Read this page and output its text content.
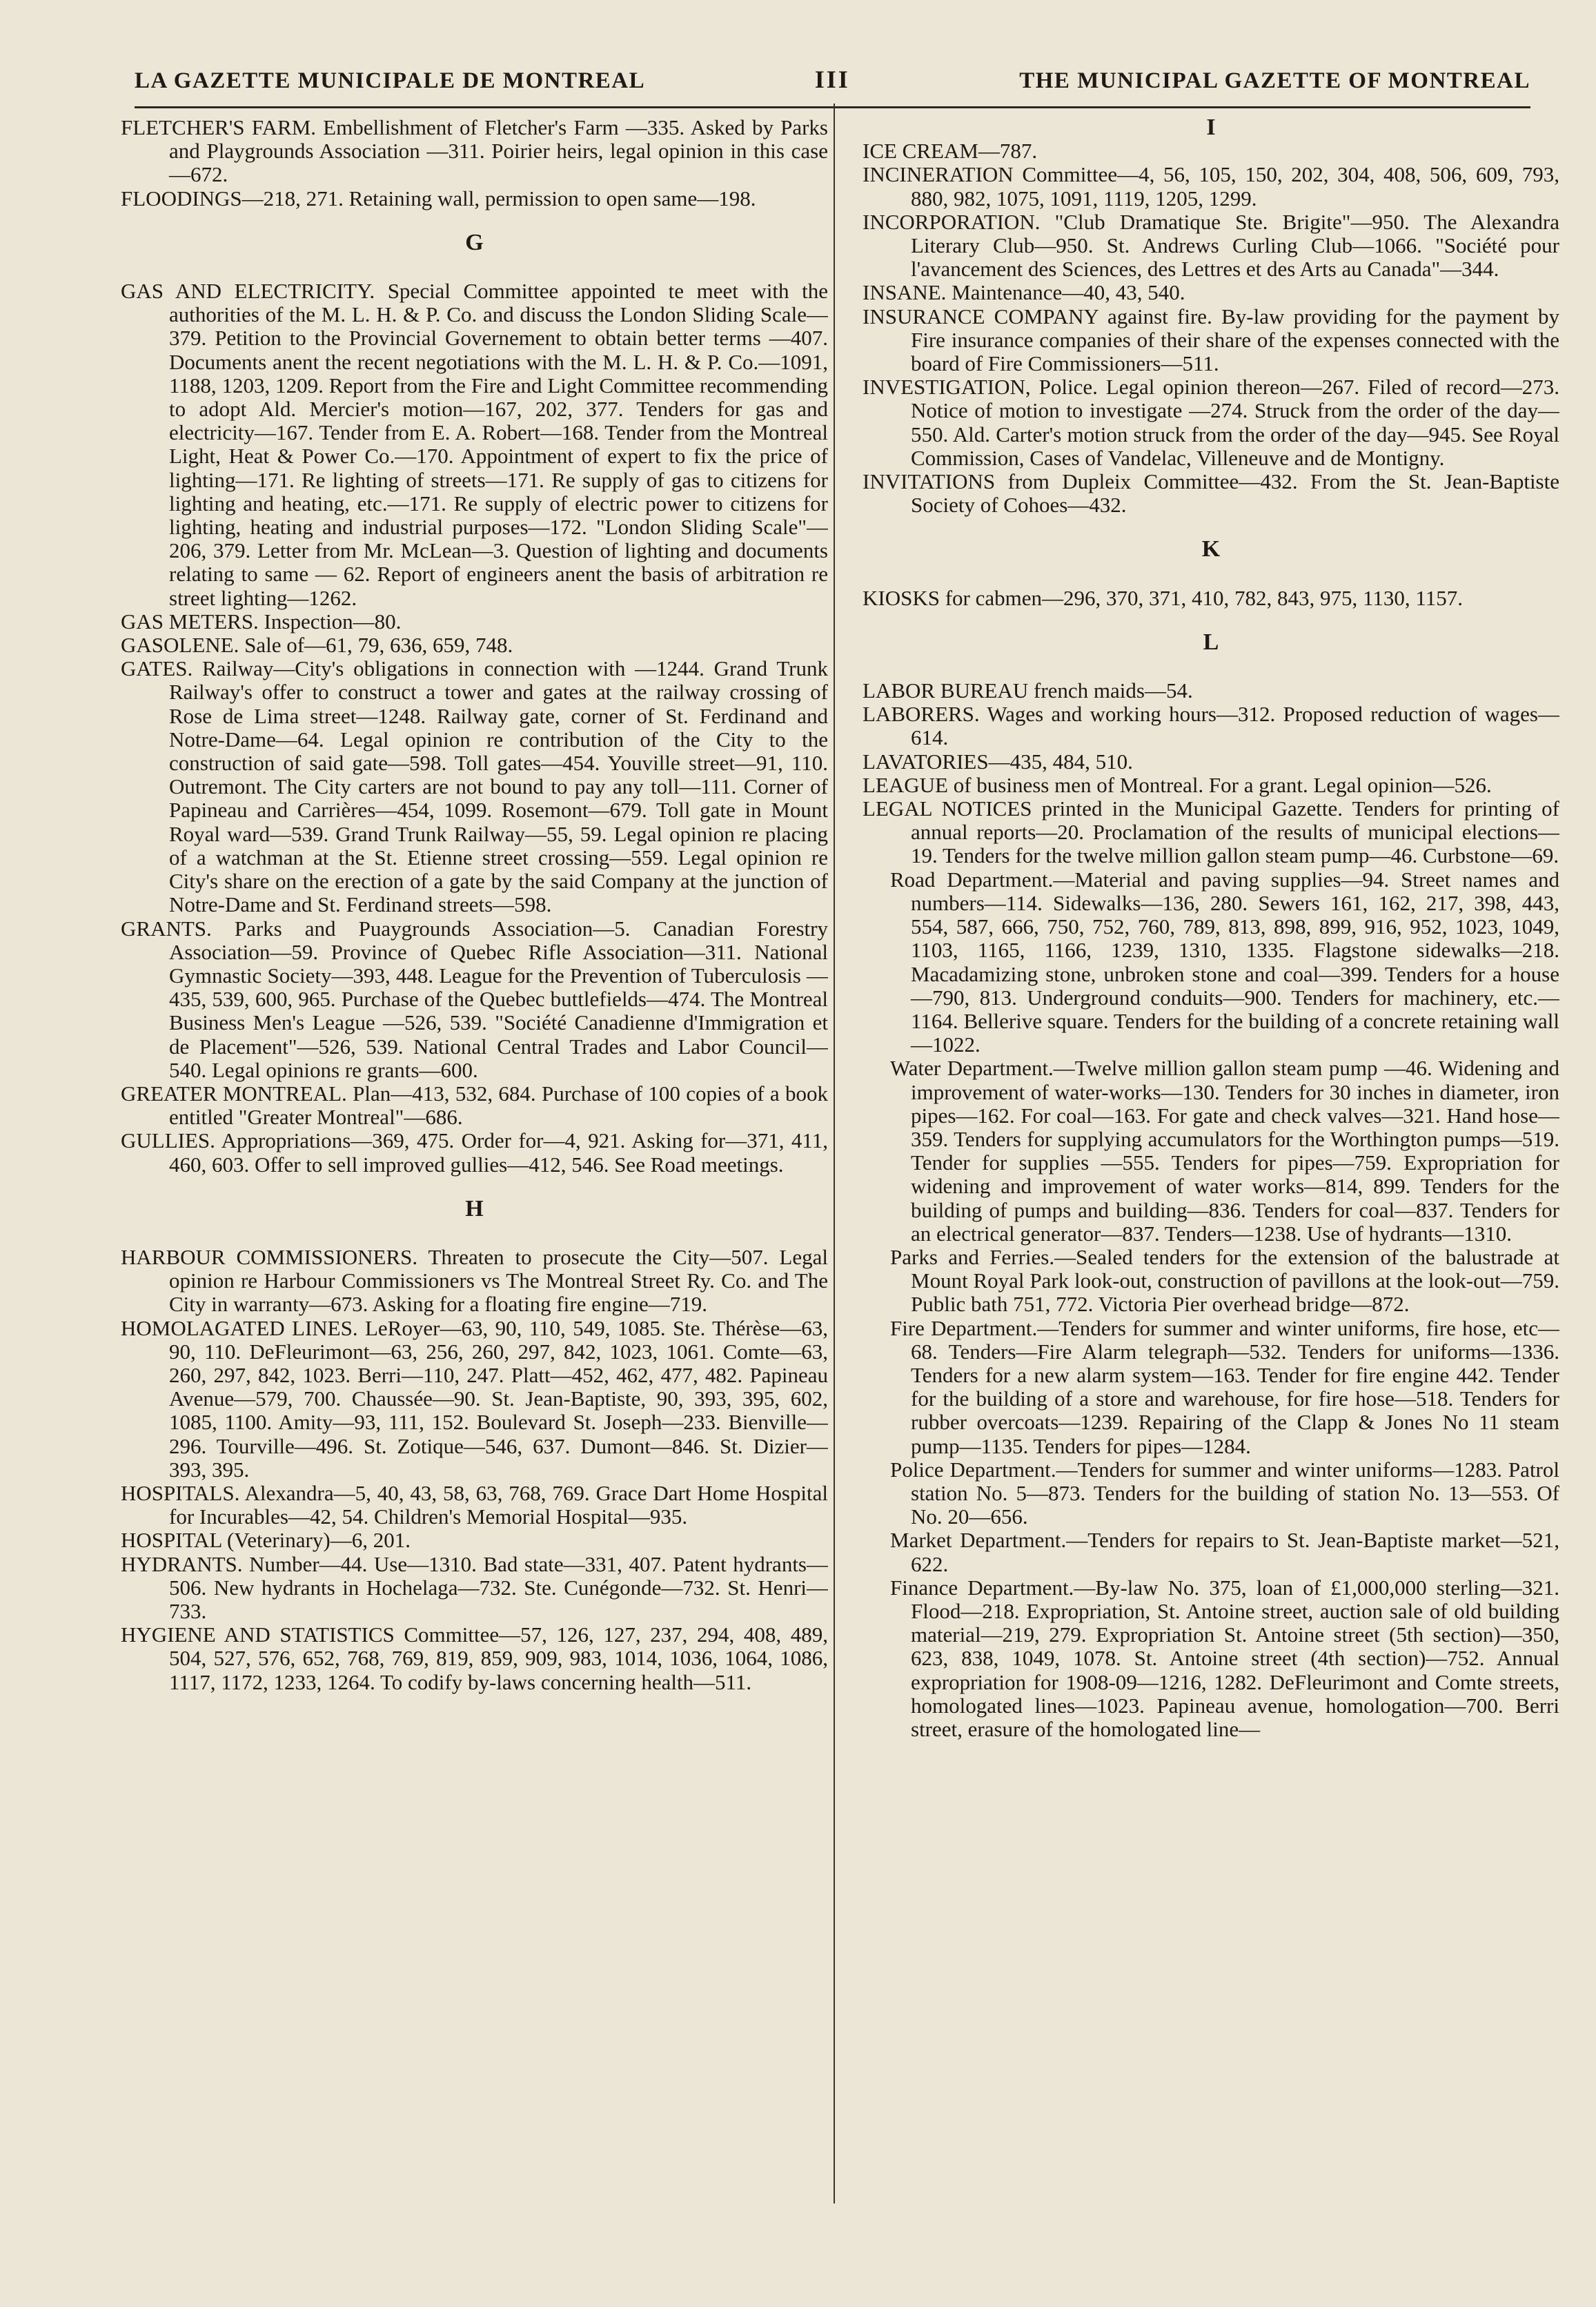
LA GAZETTE MUNICIPALE DE MONTREAL	III	THE MUNICIPAL GAZETTE OF MONTREAL

FLETCHER'S FARM. Embellishment of Fletcher's Farm —335. Asked by Parks and Playgrounds Association —311. Poirier heirs, legal opinion in this case—672.

FLOODINGS—218, 271. Retaining wall, permission to open same—198.

G

GAS AND ELECTRICITY. Special Committee appointed te meet with the authorities of the M. L. H. & P. Co. and discuss the London Sliding Scale—379. Petition to the Provincial Governement to obtain better terms —407. Documents anent the recent negotiations with the M. L. H. & P. Co.—1091, 1188, 1203, 1209. Report from the Fire and Light Committee recommending to adopt Ald. Mercier's motion—167, 202, 377. Tenders for gas and electricity—167. Tender from E. A. Robert—168. Tender from the Montreal Light, Heat & Power Co.—170. Appointment of expert to fix the price of lighting—171. Re lighting of streets—171. Re supply of gas to citizens for lighting and heating, etc.—171. Re supply of electric power to citizens for lighting, heating and industrial purposes—172. "London Sliding Scale"—206, 379. Letter from Mr. McLean—3. Question of lighting and documents relating to same — 62. Report of engineers anent the basis of arbitration re street lighting—1262.

GAS METERS. Inspection—80.

GASOLENE. Sale of—61, 79, 636, 659, 748.

GATES. Railway—City's obligations in connection with —1244. Grand Trunk Railway's offer to construct a tower and gates at the railway crossing of Rose de Lima street—1248. Railway gate, corner of St. Ferdinand and Notre-Dame—64. Legal opinion re contribution of the City to the construction of said gate—598. Toll gates—454. Youville street—91, 110. Outremont. The City carters are not bound to pay any toll—111. Corner of Papineau and Carrières—454, 1099. Rosemont—679. Toll gate in Mount Royal ward—539. Grand Trunk Railway—55, 59. Legal opinion re placing of a watchman at the St. Etienne street crossing—559. Legal opinion re City's share on the erection of a gate by the said Company at the junction of Notre-Dame and St. Ferdinand streets—598.

GRANTS. Parks and Puaygrounds Association—5. Canadian Forestry Association—59. Province of Quebec Rifle Association—311. National Gymnastic Society—393, 448. League for the Prevention of Tuberculosis —435, 539, 600, 965. Purchase of the Quebec buttlefields—474. The Montreal Business Men's League —526, 539. "Société Canadienne d'Immigration et de Placement"—526, 539. National Central Trades and Labor Council—540. Legal opinions re grants—600.

GREATER MONTREAL. Plan—413, 532, 684. Purchase of 100 copies of a book entitled "Greater Montreal"—686.

GULLIES. Appropriations—369, 475. Order for—4, 921. Asking for—371, 411, 460, 603. Offer to sell improved gullies—412, 546. See Road meetings.

H

HARBOUR COMMISSIONERS. Threaten to prosecute the City—507. Legal opinion re Harbour Commissioners vs The Montreal Street Ry. Co. and The City in warranty—673. Asking for a floating fire engine—719.

HOMOLAGATED LINES. LeRoyer—63, 90, 110, 549, 1085. Ste. Thérèse—63, 90, 110. DeFleurimont—63, 256, 260, 297, 842, 1023, 1061. Comte—63, 260, 297, 842, 1023. Berri—110, 247. Platt—452, 462, 477, 482. Papineau Avenue—579, 700. Chaussée—90. St. Jean-Baptiste, 90, 393, 395, 602, 1085, 1100. Amity—93, 111, 152. Boulevard St. Joseph—233. Bienville—296. Tourville—496. St. Zotique—546, 637. Dumont—846. St. Dizier—393, 395.

HOSPITALS. Alexandra—5, 40, 43, 58, 63, 768, 769. Grace Dart Home Hospital for Incurables—42, 54. Children's Memorial Hospital—935.

HOSPITAL (Veterinary)—6, 201.

HYDRANTS. Number—44. Use—1310. Bad state—331, 407. Patent hydrants—506. New hydrants in Hochelaga—732. Ste. Cunégonde—732. St. Henri—733.

HYGIENE AND STATISTICS Committee—57, 126, 127, 237, 294, 408, 489, 504, 527, 576, 652, 768, 769, 819, 859, 909, 983, 1014, 1036, 1064, 1086, 1117, 1172, 1233, 1264. To codify by-laws concerning health—511.

I

ICE CREAM—787.

INCINERATION Committee—4, 56, 105, 150, 202, 304, 408, 506, 609, 793, 880, 982, 1075, 1091, 1119, 1205, 1299.

INCORPORATION. "Club Dramatique Ste. Brigite"—950. The Alexandra Literary Club—950. St. Andrews Curling Club—1066. "Société pour l'avancement des Sciences, des Lettres et des Arts au Canada"—344.

INSANE. Maintenance—40, 43, 540.

INSURANCE COMPANY against fire. By-law providing for the payment by Fire insurance companies of their share of the expenses connected with the board of Fire Commissioners—511.

INVESTIGATION, Police. Legal opinion thereon—267. Filed of record—273. Notice of motion to investigate —274. Struck from the order of the day—550. Ald. Carter's motion struck from the order of the day—945. See Royal Commission, Cases of Vandelac, Villeneuve and de Montigny.

INVITATIONS from Dupleix Committee—432. From the St. Jean-Baptiste Society of Cohoes—432.

K

KIOSKS for cabmen—296, 370, 371, 410, 782, 843, 975, 1130, 1157.

L

LABOR BUREAU french maids—54.

LABORERS. Wages and working hours—312. Proposed reduction of wages—614.

LAVATORIES—435, 484, 510.

LEAGUE of business men of Montreal. For a grant. Legal opinion—526.

LEGAL NOTICES printed in the Municipal Gazette. Tenders for printing of annual reports—20. Proclamation of the results of municipal elections—19. Tenders for the twelve million gallon steam pump—46. Curbstone—69.

Road Department.—Material and paving supplies—94. Street names and numbers—114. Sidewalks—136, 280. Sewers 161, 162, 217, 398, 443, 554, 587, 666, 750, 752, 760, 789, 813, 898, 899, 916, 952, 1023, 1049, 1103, 1165, 1166, 1239, 1310, 1335. Flagstone sidewalks—218. Macadamizing stone, unbroken stone and coal—399. Tenders for a house—790, 813. Underground conduits—900. Tenders for machinery, etc.—1164. Bellerive square. Tenders for the building of a concrete retaining wall—1022.

Water Department.—Twelve million gallon steam pump —46. Widening and improvement of water-works—130. Tenders for 30 inches in diameter, iron pipes—162. For coal—163. For gate and check valves—321. Hand hose—359. Tenders for supplying accumulators for the Worthington pumps—519. Tender for supplies —555. Tenders for pipes—759. Expropriation for widening and improvement of water works—814, 899. Tenders for the building of pumps and building—836. Tenders for coal—837. Tenders for an electrical generator—837. Tenders—1238. Use of hydrants—1310.

Parks and Ferries.—Sealed tenders for the extension of the balustrade at Mount Royal Park look-out, construction of pavillons at the look-out—759. Public bath 751, 772. Victoria Pier overhead bridge—872.

Fire Department.—Tenders for summer and winter uniforms, fire hose, etc—68. Tenders—Fire Alarm telegraph—532. Tenders for uniforms—1336. Tenders for a new alarm system—163. Tender for fire engine 442. Tender for the building of a store and warehouse, for fire hose—518. Tenders for rubber overcoats—1239. Repairing of the Clapp & Jones No 11 steam pump—1135. Tenders for pipes—1284.

Police Department.—Tenders for summer and winter uniforms—1283. Patrol station No. 5—873. Tenders for the building of station No. 13—553. Of No. 20—656.

Market Department.—Tenders for repairs to St. Jean-Baptiste market—521, 622.

Finance Department.—By-law No. 375, loan of £1,000,000 sterling—321. Flood—218. Expropriation, St. Antoine street, auction sale of old building material—219, 279. Expropriation St. Antoine street (5th section)—350, 623, 838, 1049, 1078. St. Antoine street (4th section)—752. Annual expropriation for 1908-09—1216, 1282. DeFleurimont and Comte streets, homologated lines—1023. Papineau avenue, homologation—700. Berri street, erasure of the homologated line—
